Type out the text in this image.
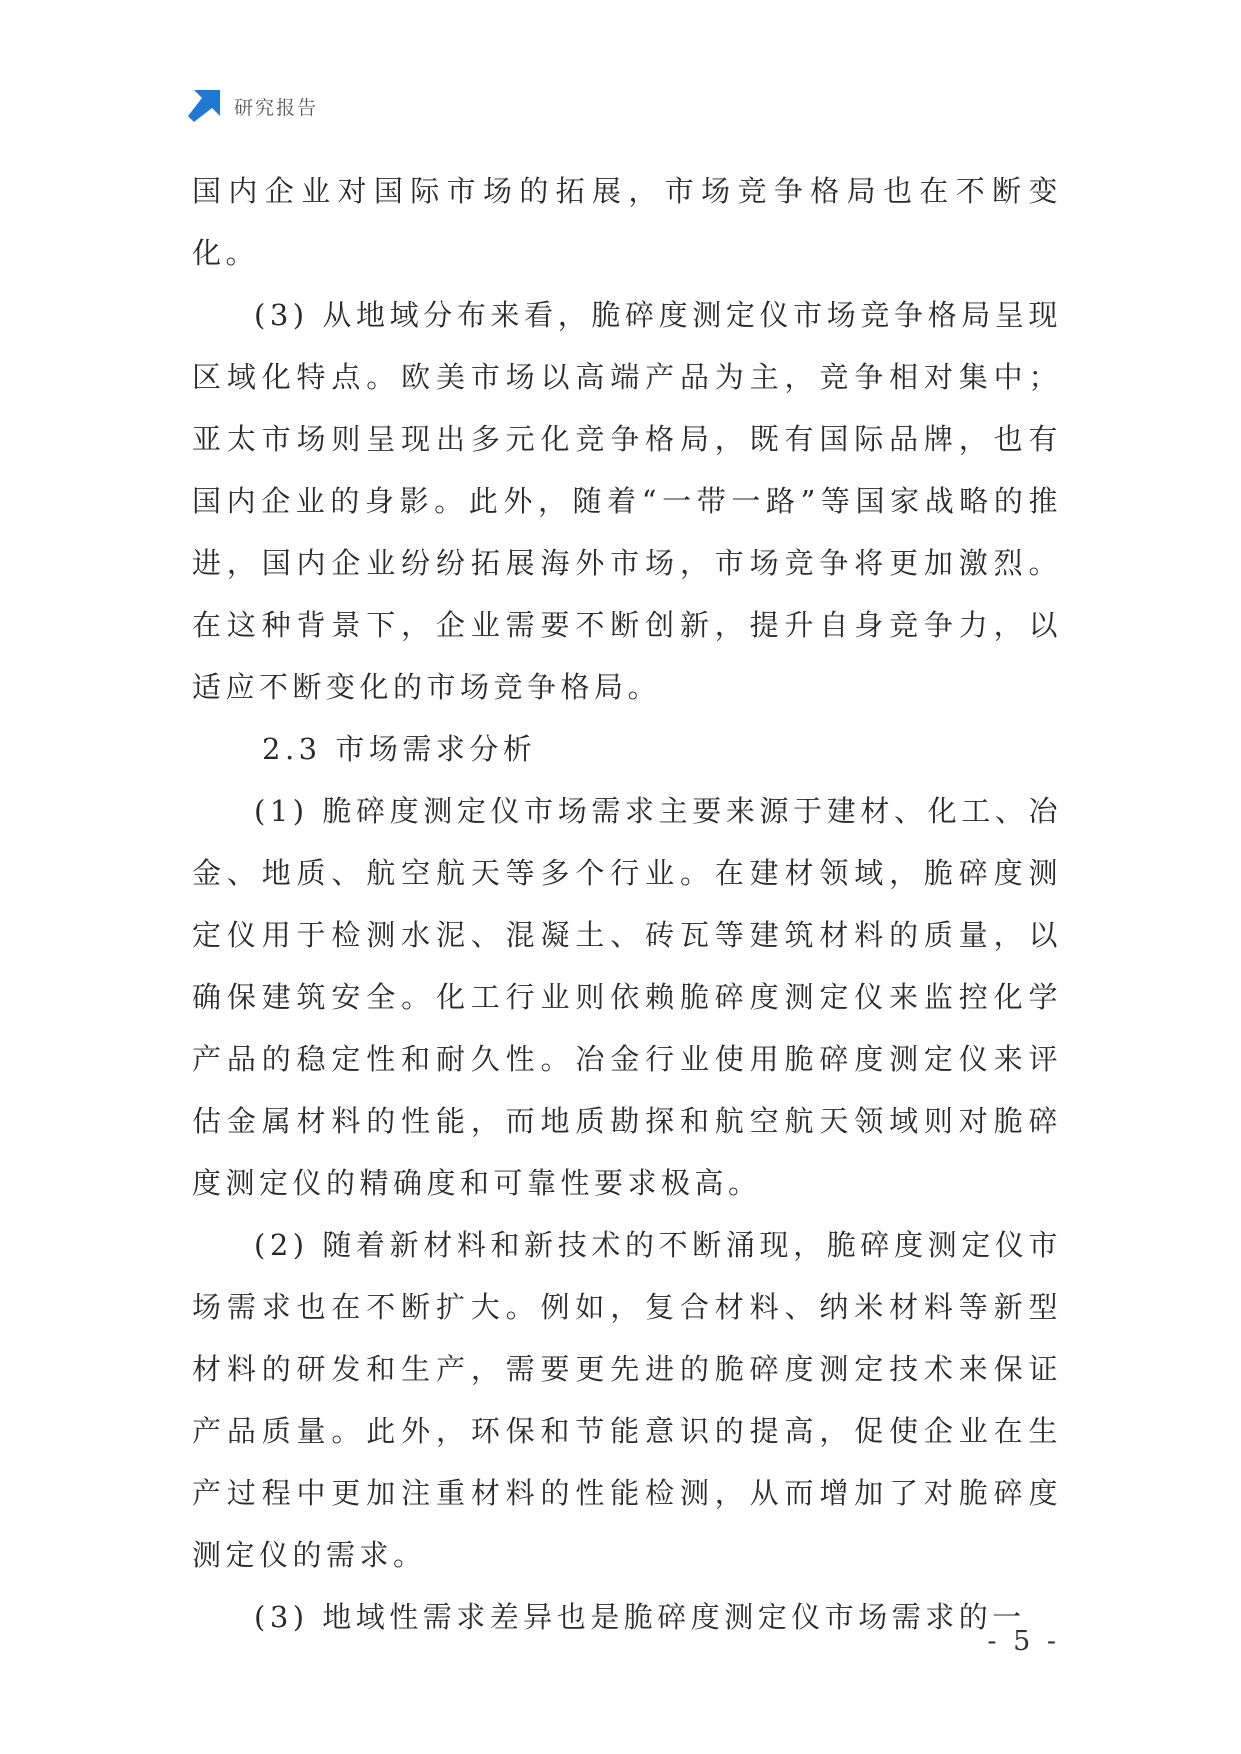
研究报告

国内企业对国际市场的拓展，市场竞争格局也在不断变化。

(3) 从地域分布来看，脆碎度测定仪市场竞争格局呈现区域化特点。欧美市场以高端产品为主，竞争相对集中；亚太市场则呈现出多元化竞争格局，既有国际品牌，也有国内企业的身影。此外，随着“一带一路”等国家战略的推进，国内企业纷纷拓展海外市场，市场竞争将更加激烈。在这种背景下，企业需要不断创新，提升自身竞争力，以适应不断变化的市场竞争格局。

2.3 市场需求分析

(1) 脆碎度测定仪市场需求主要来源于建材、化工、冶金、地质、航空航天等多个行业。在建材领域，脆碎度测定仪用于检测水泥、混凝土、砖瓦等建筑材料的质量，以确保建筑安全。化工行业则依赖脆碎度测定仪来监控化学产品的稳定性和耐久性。冶金行业使用脆碎度测定仪来评估金属材料的性能，而地质勘探和航空航天领域则对脆碎度测定仪的精确度和可靠性要求极高。

(2) 随着新材料和新技术的不断涌现，脆碎度测定仪市场需求也在不断扩大。例如，复合材料、纳米材料等新型材料的研发和生产，需要更先进的脆碎度测定技术来保证产品质量。此外，环保和节能意识的提高，促使企业在生产过程中更加注重材料的性能检测，从而增加了对脆碎度测定仪的需求。

(3) 地域性需求差异也是脆碎度测定仪市场需求的一

- 5 -
